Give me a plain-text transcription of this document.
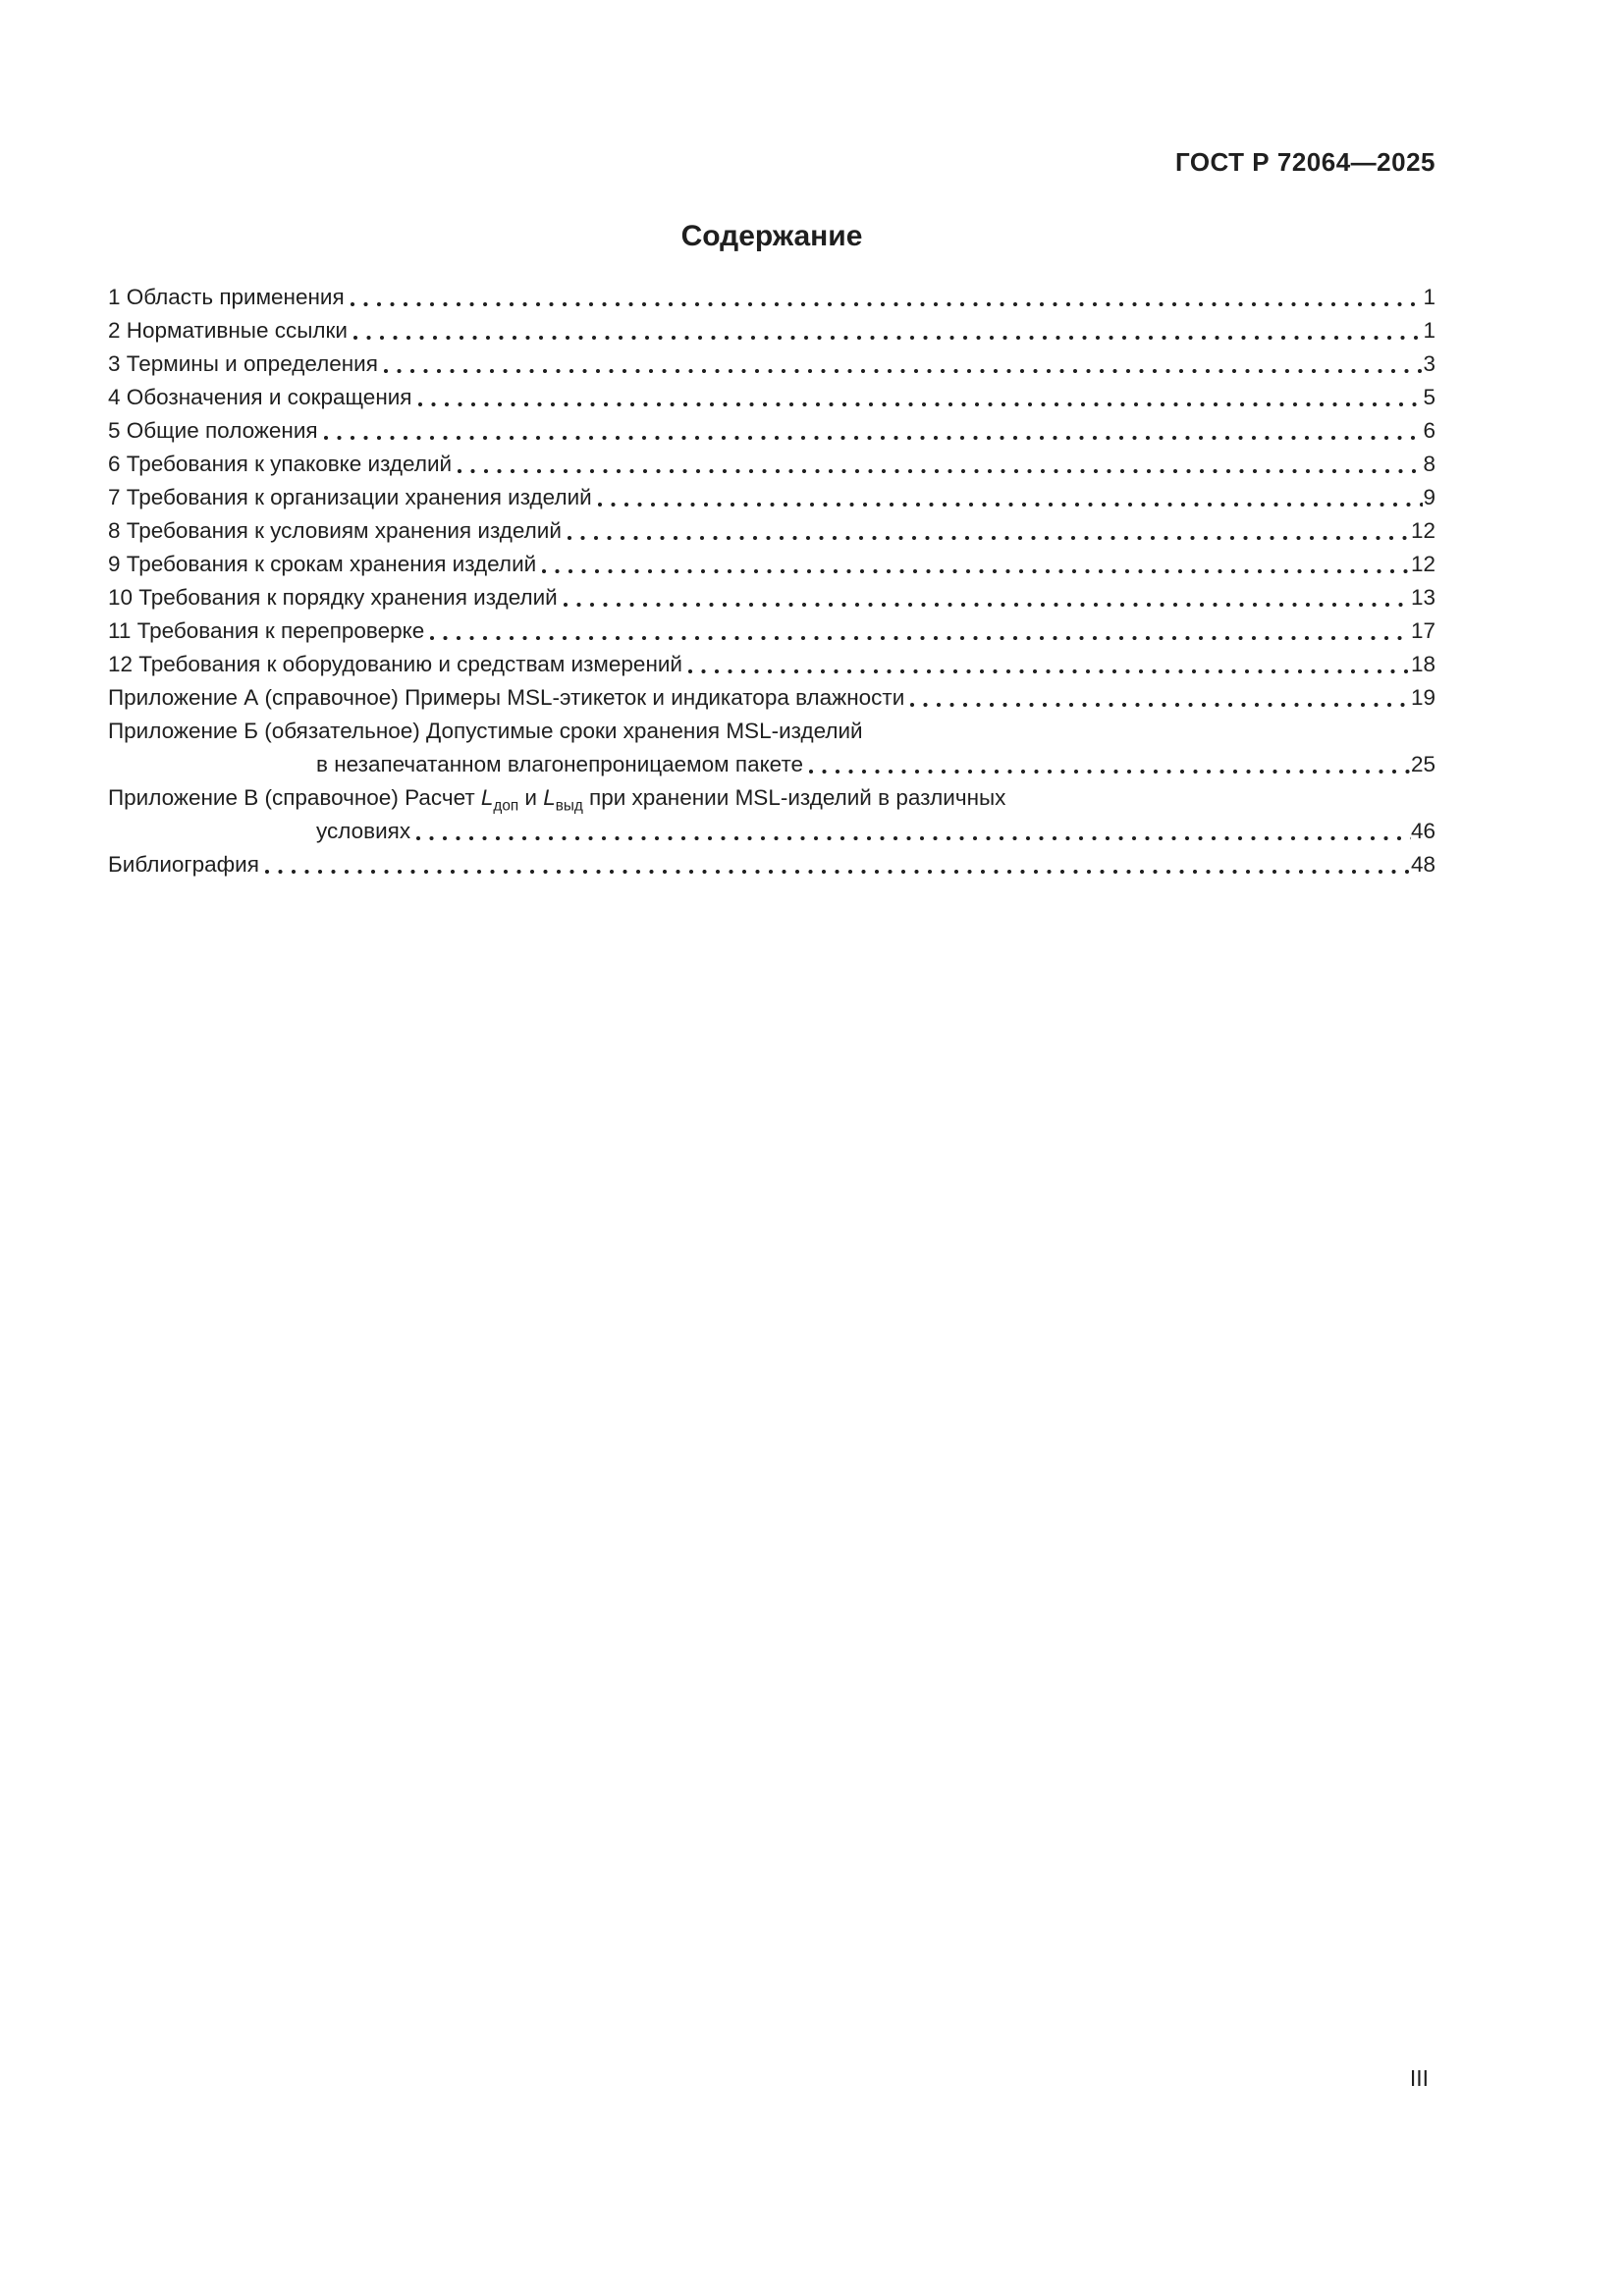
ГОСТ Р 72064—2025
Содержание
1 Область применения	1
2 Нормативные ссылки	1
3 Термины и определения	3
4 Обозначения и сокращения	5
5 Общие положения	6
6 Требования к упаковке изделий	8
7 Требования к организации хранения изделий	9
8 Требования к условиям хранения изделий	12
9 Требования к срокам хранения изделий	12
10 Требования к порядку хранения изделий	13
11 Требования к перепроверке	17
12 Требования к оборудованию и средствам измерений	18
Приложение А (справочное) Примеры MSL-этикеток и индикатора влажности	19
Приложение Б (обязательное) Допустимые сроки хранения MSL-изделий
в незапечатанном влагонепроницаемом пакете	25
Приложение В (справочное) Расчет $L_{доп}$ и $L_{выд}$ при хранении MSL-изделий в различных
условиях	46
Библиография	48
III
